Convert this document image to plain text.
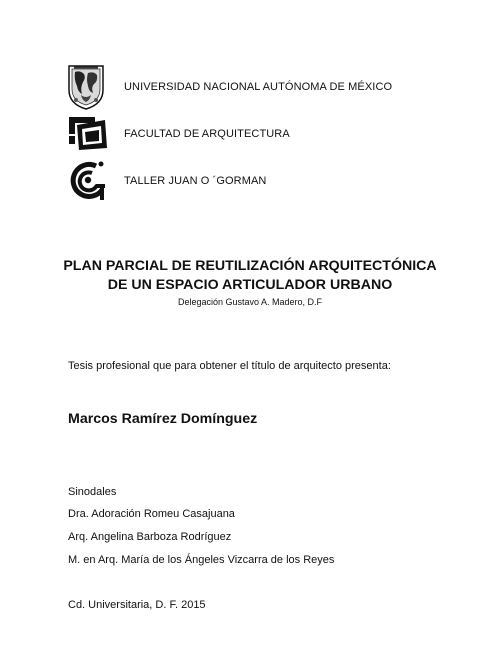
UNIVERSIDAD NACIONAL AUTÓNOMA DE MÉXICO
FACULTAD DE ARQUITECTURA
TALLER JUAN O ´GORMAN
PLAN PARCIAL DE REUTILIZACIÓN ARQUITECTÓNICA
DE UN ESPACIO ARTICULADOR URBANO
Delegación Gustavo A. Madero, D.F
Tesis profesional que para obtener el título de arquitecto presenta:
Marcos Ramírez Domínguez
Sinodales
Dra. Adoración Romeu Casajuana
Arq. Angelina Barboza Rodríguez
M. en Arq. María de los Ángeles Vizcarra de los Reyes
Cd. Universitaria, D. F. 2015
